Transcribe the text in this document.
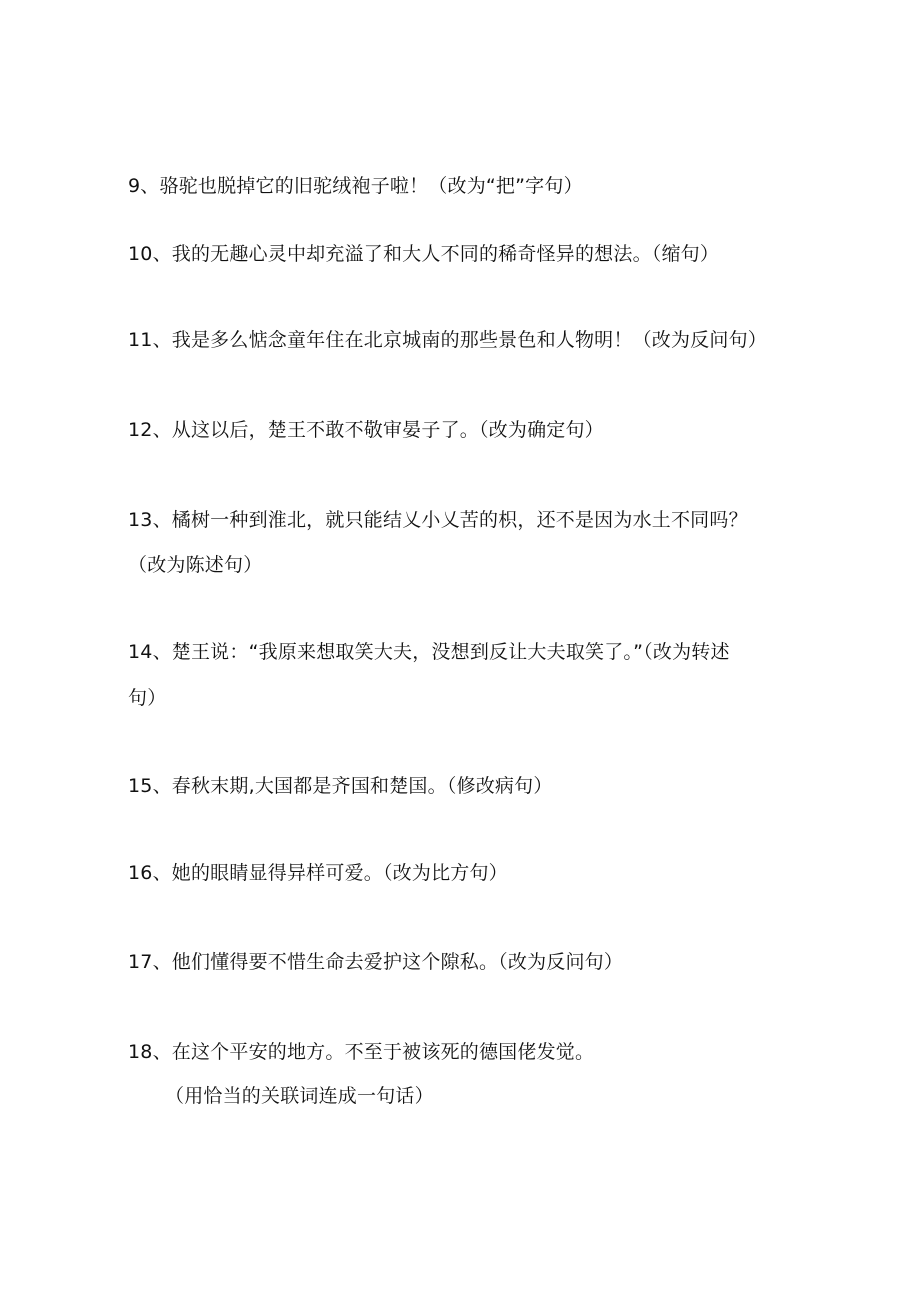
9、骆驼也脱掉它的旧驼绒袍子啦！（改为“把”字句）
10、我的无趣心灵中却充溢了和大人不同的稀奇怪异的想法。（缩句）
11、我是多么惦念童年住在北京城南的那些景色和人物明！（改为反问句）
12、从这以后，楚王不敢不敬审晏子了。（改为确定句）
13、橘树一种到淮北，就只能结乂小乂苦的枳，还不是因为水土不同吗？
（改为陈述句）
14、楚王说：“我原来想取笑大夫，没想到反让大夫取笑了。”（改为转述
句）
15、春秋末期,大国都是齐国和楚国。（修改病句）
16、她的眼睛显得异样可爱。（改为比方句）
17、他们懂得要不惜生命去爱护这个隙私。（改为反问句）
18、在这个平安的地方。不至于被该死的德国佬发觉。
（用恰当的关联词连成一句话）
